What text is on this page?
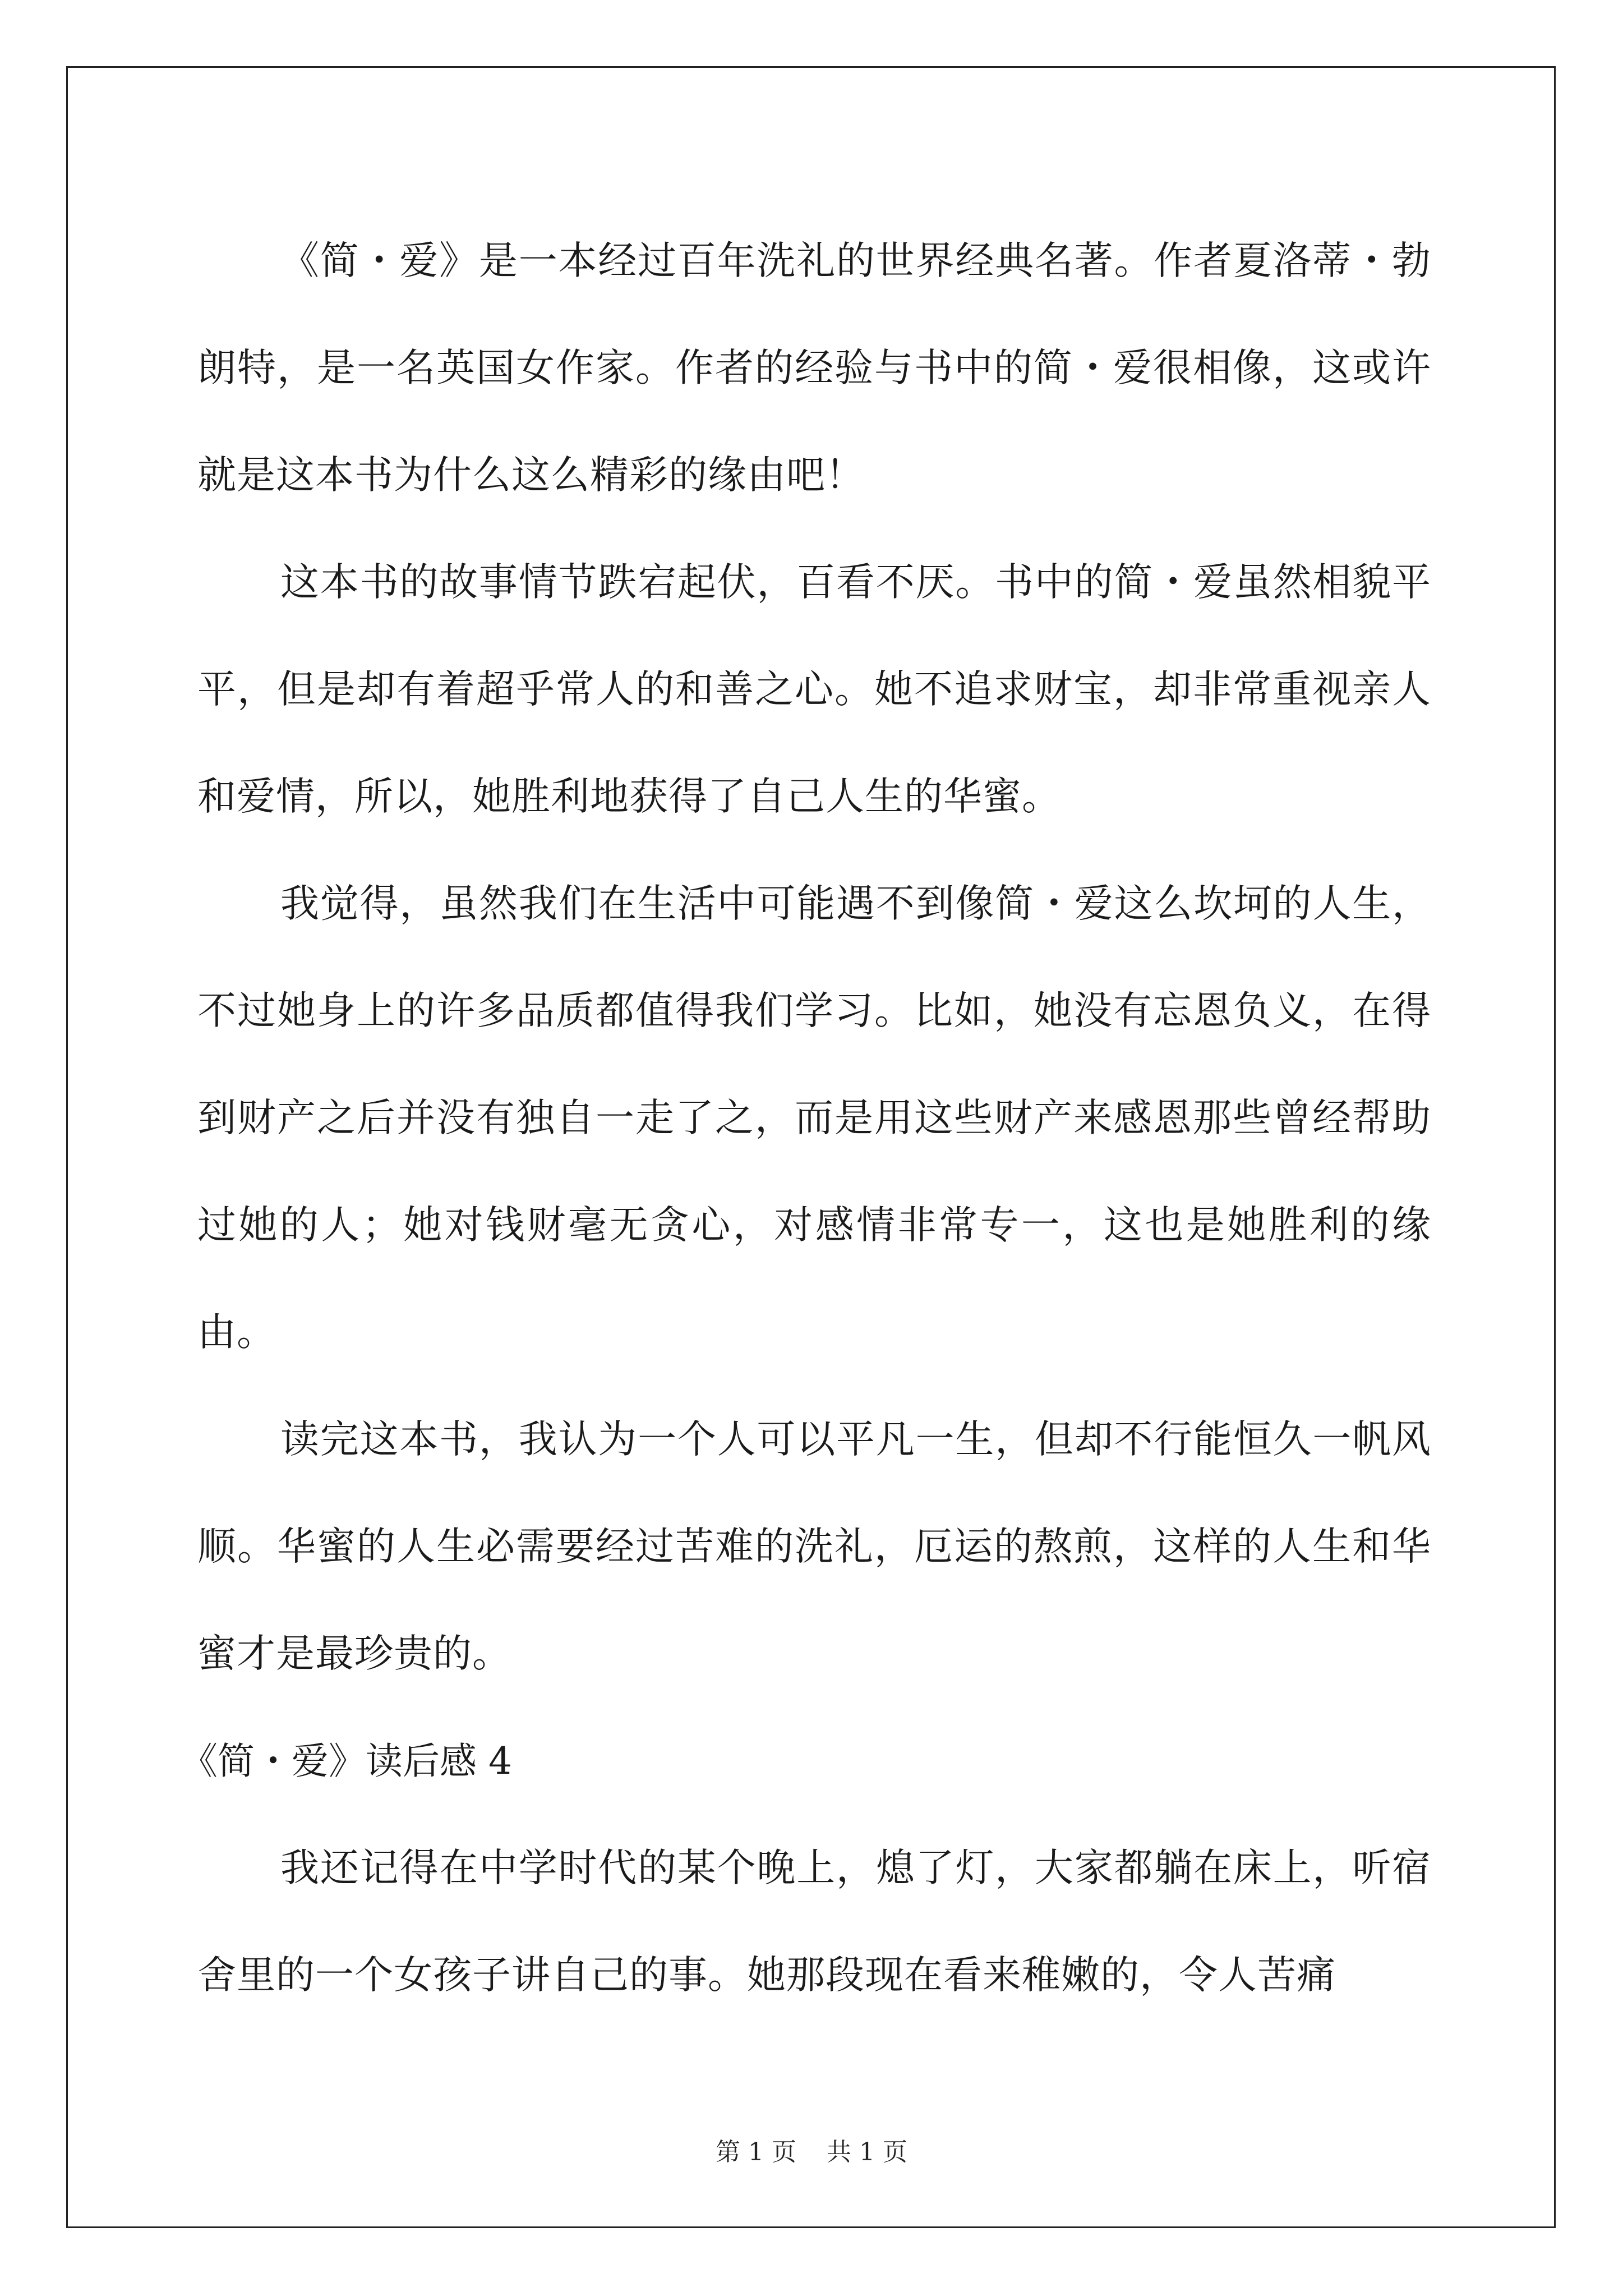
《简・爱》是一本经过百年洗礼的世界经典名著。作者夏洛蒂・勃朗特，是一名英国女作家。作者的经验与书中的简・爱很相像，这或许就是这本书为什么这么精彩的缘由吧！

这本书的故事情节跌宕起伏，百看不厌。书中的简・爱虽然相貌平平，但是却有着超乎常人的和善之心。她不追求财宝，却非常重视亲人和爱情，所以，她胜利地获得了自己人生的华蜜。

我觉得，虽然我们在生活中可能遇不到像简・爱这么坎坷的人生，不过她身上的许多品质都值得我们学习。比如，她没有忘恩负义，在得到财产之后并没有独自一走了之，而是用这些财产来感恩那些曾经帮助过她的人；她对钱财毫无贪心，对感情非常专一，这也是她胜利的缘由。

读完这本书，我认为一个人可以平凡一生，但却不行能恒久一帆风顺。华蜜的人生必需要经过苦难的洗礼，厄运的熬煎，这样的人生和华蜜才是最珍贵的。

《简・爱》读后感 4

我还记得在中学时代的某个晚上，熄了灯，大家都躺在床上，听宿舍里的一个女孩子讲自己的事。她那段现在看来稚嫩的，令人苦痛

第 1 页 共 1 页
